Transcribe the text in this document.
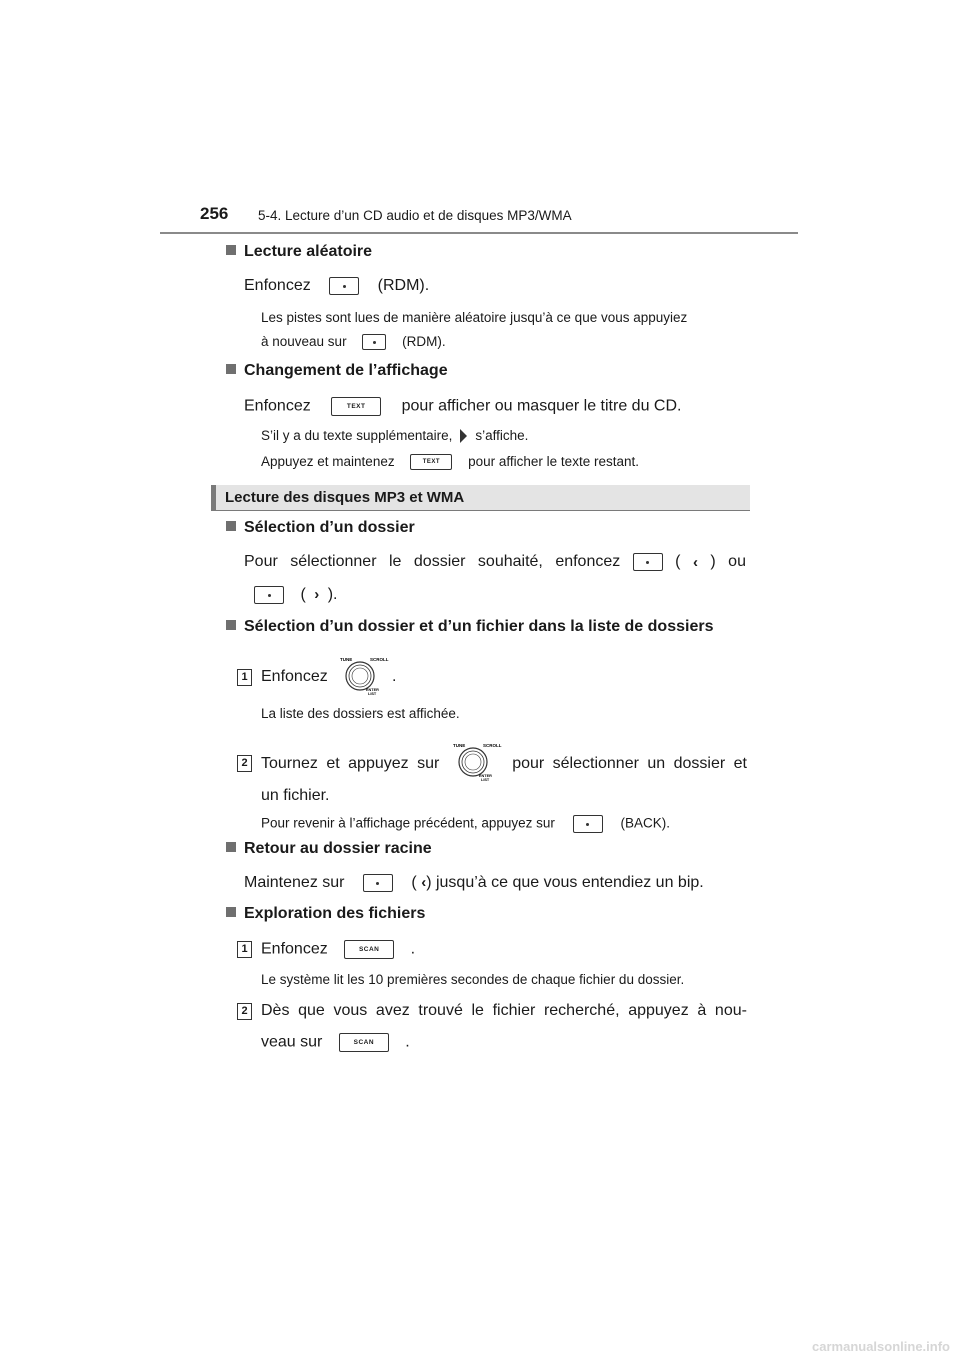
256 5-4. Lecture d’un CD audio et de disques MP3/WMA
Lecture aléatoire
Enfoncez	(RDM).
Les pistes sont lues de manière aléatoire jusqu’à ce que vous appuyiez
à nouveau sur	(RDM).
Changement de l’affichage
Enfoncez	TEXT pour afficher ou masquer le titre du CD.
S’il y a du texte supplémentaire, s’affiche.
Appuyez et maintenez	TEXT pour afficher le texte restant.
Lecture des disques MP3 et WMA
Sélection d’un dossier
Pour sélectionner le dossier souhaité, enfoncez	( ‹ ) ou
( › ).
Sélection d’un dossier et d’un fichier dans la liste de dossiers
1 Enfoncez
TUNE	SCROLL
ENTER
LIST
.
La liste des dossiers est affichée.
2 Tournez et appuyez sur	pour sélectionner un dossier et
TUNE	SCROLL
ENTER
LIST
un fichier.
Pour revenir à l’affichage précédent, appuyez sur	(BACK).
Retour au dossier racine
Maintenez sur	( ‹) jusqu’à ce que vous entendiez un bip.
Exploration des fichiers
1 Enfoncez	SCAN .
Le système lit les 10 premières secondes de chaque fichier du dossier.
2 Dès que vous avez trouvé le fichier recherché, appuyez à nou-
veau sur	SCAN .
carmanualsonline.info
